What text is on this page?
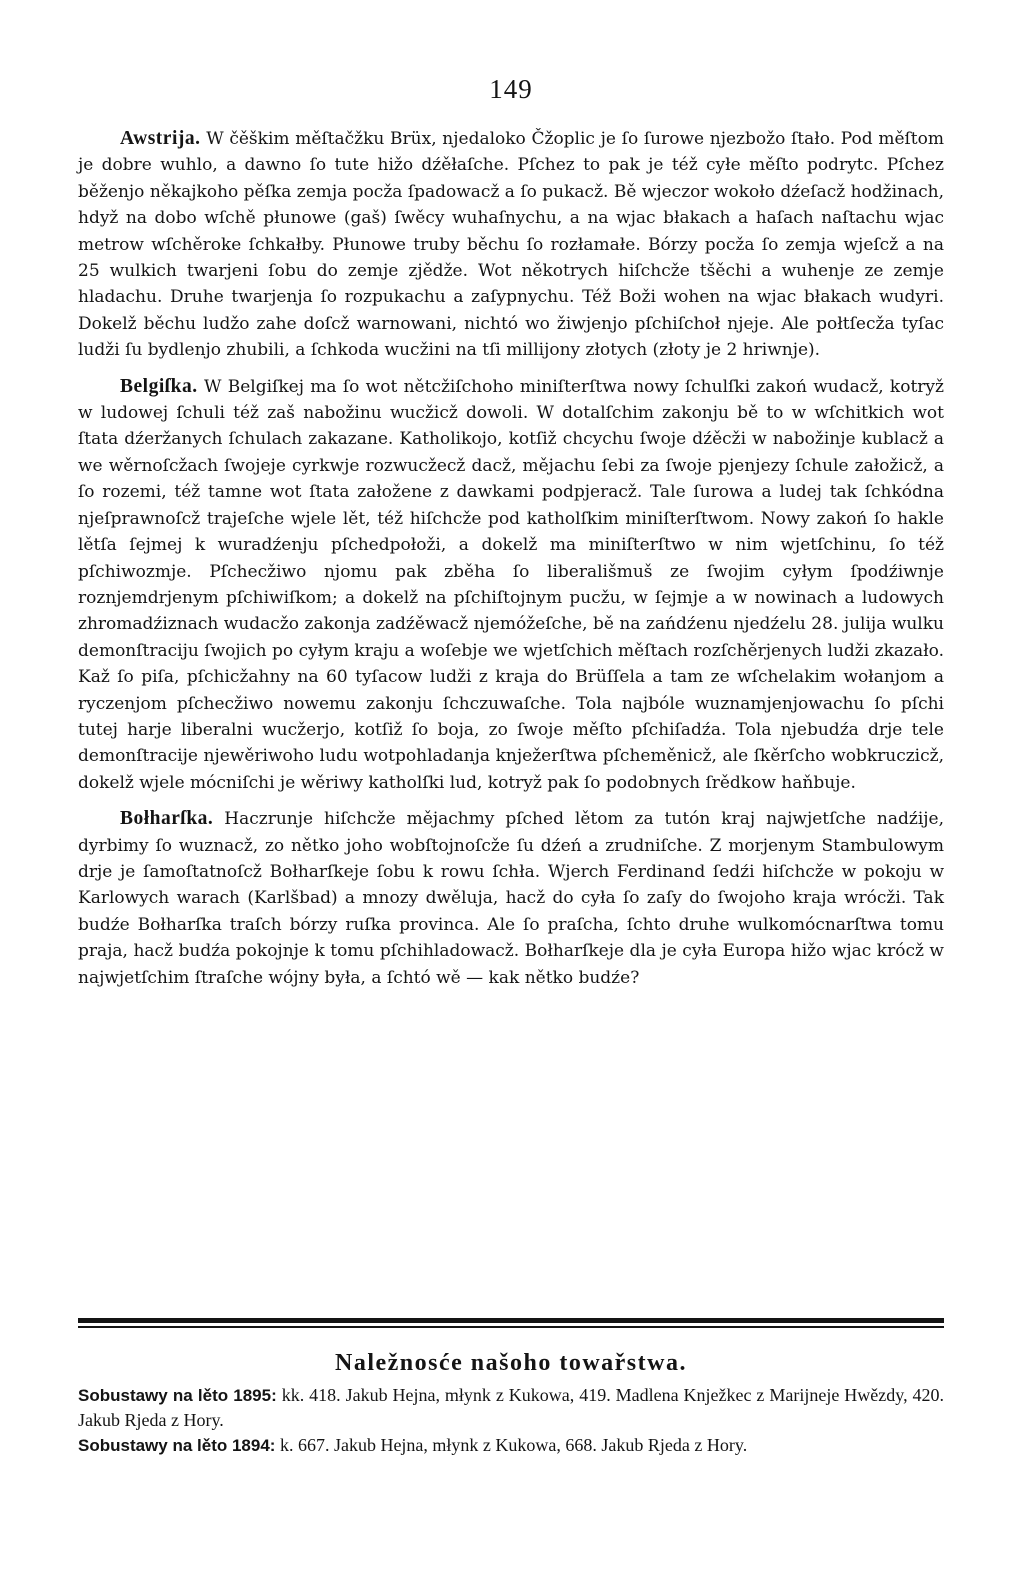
149

Awstrija. W čěškim měſtačžku Brüx, njedaloko Čžoplic je ſo ſurowe njezbožo ſtało. Pod měſtom je dobre wuhlo, a dawno ſo tute hižo dźěłaſche. Pſchez to pak je též cyłe měſto podrytc. Pſchez běženjo někajkoho pěſka zemja pocža ſpadowacž a ſo pukacž. Bě wjeczor wokoło dźeſacž hodžinach, hdyž na dobo wſchě płunowe (gaš) ſwěcy wuhaſnychu, a na wjac błakach a haſach naſtachu wjac metrow wſchěroke ſchkałby. Płunowe truby běchu ſo rozłamałe. Bórzy pocža ſo zemja wjeſcž a na 25 wulkich twarjeni ſobu do zemje zjědže. Wot někotrych hiſchcže tšěchi a wuhenje ze zemje hladachu. Druhe twarjenja ſo rozpukachu a zaſypnychu. Též Boži wohen na wjac błakach wudyri. Dokelž běchu ludžo zahe doſcž warnowani, nichtó wo žiwjenjo pſchiſchoł njeje. Ale połtſecža tyſac ludži ſu bydlenjo zhubili, a ſchkoda wucžini na tſi millijony złotych (złoty je 2 hriwnje).

Belgiſka. W Belgiſkej ma ſo wot nětcžiſchoho miniſterſtwa nowy ſchulſki zakoń wudacž, kotryž w ludowej ſchuli též zaš nabožinu wucžicž dowoli. W dotalſchim zakonju bě to w wſchitkich wot ſtata dźeržanych ſchulach zakazane. Katholikojo, kotſiž chcychu ſwoje dźěcži w nabožinje kublacž a we wěrnoſcžach ſwojeje cyrkwje rozwucžecž dacž, mějachu ſebi za ſwoje pjenjezy ſchule załožicž, a ſo rozemi, též tamne wot ſtata załožene z dawkami podpjeracž. Tale ſurowa a ludej tak ſchkódna njeſprawnoſcž trajeſche wjele lět, též hiſchcže pod katholſkim miniſterſtwom. Nowy zakoń ſo hakle lětſa ſejmej k wuradźenju pſchedpołoži, a dokelž ma miniſterſtwo w nim wjetſchinu, ſo též pſchiwozmje. Pſchecžiwo njomu pak zběha ſo liberališmuš ze ſwojim cyłym ſpodźiwnje roznjemdrjenym pſchiwiſkom; a dokelž na pſchiſtojnym pucžu, w ſejmje a w nowinach a ludowych zhromadźiznach wudacžo zakonja zadźěwacž njemóžeſche, bě na zańdźenu njedźelu 28. julija wulku demonſtraciju ſwojich po cyłym kraju a woſebje we wjetſchich měſtach rozſchěrjenych ludži zkazało. Kaž ſo piſa, pſchicžahny na 60 tyſacow ludži z kraja do Brüſſela a tam ze wſchelakim wołanjom a ryczenjom pſchecžiwo nowemu zakonju ſchczuwaſche. Tola najbóle wuznamjenjowachu ſo pſchi tutej harje liberalni wucžerjo, kotſiž ſo boja, zo ſwoje měſto pſchiſadźa. Tola njebudźa drje tele demonſtracije njewěriwoho ludu wotpohladanja knježerſtwa pſcheměnicž, ale ſkěrſcho wobkruczicž, dokelž wjele mócniſchi je wěriwy katholſki lud, kotryž pak ſo podobnych ſrědkow haňbuje.

Bołharſka. Haczrunje hiſchcže mějachmy pſched lětom za tutón kraj najwjetſche nadźije, dyrbimy ſo wuznacž, zo nětko joho wobſtojnoſcže ſu dźeń a zrudniſche. Z morjenym Stambulowym drje je ſamoſtatnoſcž Bołharſkeje ſobu k rowu ſchła. Wjerch Ferdinand ſedźi hiſchcže w pokoju w Karlowych warach (Karlšbad) a mnozy dwěluja, hacž do cyła ſo zaſy do ſwojoho kraja wrócži. Tak budźe Bołharſka traſch bórzy ruſka provinca. Ale ſo praſcha, ſchto druhe wulkomócnarſtwa tomu praja, hacž budźa pokojnje k tomu pſchihladowacž. Bołharſkeje dla je cyła Europa hižo wjac krócž w najwjetſchim ſtraſche wójny była, a ſchtó wě — kak nětko budźe?

Naležnosće našoho towařstwa.

Sobustawy na lěto 1895: kk. 418. Jakub Hejna, młynk z Kukowa, 419. Madlena Knježkec z Marijneje Hwězdy, 420. Jakub Rjeda z Hory.

Sobustawy na lěto 1894: k. 667. Jakub Hejna, młynk z Kukowa, 668. Jakub Rjeda z Hory.
